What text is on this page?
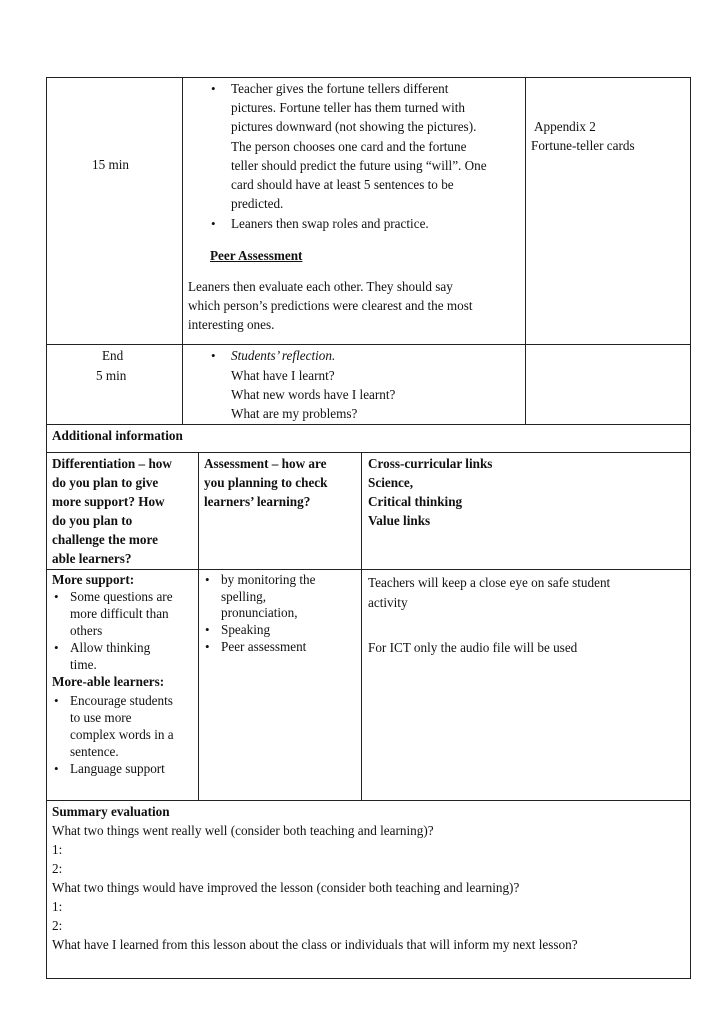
15 min
• Teacher gives the fortune tellers different
pictures. Fortune teller has them turned with
pictures downward (not showing the pictures).
The person chooses one card and the fortune
teller should predict the future using “will”. One
card should have at least 5 sentences to be
predicted.
• Leaners then swap roles and practice.
Peer Assessment
Leaners then evaluate each other. They should say
which person’s predictions were clearest and the most
interesting ones.
Appendix 2
Fortune-teller cards
End
5 min
• Students’ reflection.
What have I learnt?
What new words have I learnt?
What are my problems?
Additional information
Differentiation – how
do you plan to give
more support? How
do you plan to
challenge the more
able learners?
Assessment – how are
you planning to check
learners’ learning?
Cross-curricular links
Science,
Critical thinking
Value links
More support:
• Some questions are
more difficult than
others
• Allow thinking
time.
More-able learners:
• Encourage students
to use more
complex words in a
sentence.
• Language support
• by monitoring the
spelling,
pronunciation,
• Speaking
• Peer assessment
Teachers will keep a close eye on safe student
activity
For ICT only the audio file will be used
Summary evaluation
What two things went really well (consider both teaching and learning)?
1:
2:
What two things would have improved the lesson (consider both teaching and learning)?
1:
2:
What have I learned from this lesson about the class or individuals that will inform my next lesson?
